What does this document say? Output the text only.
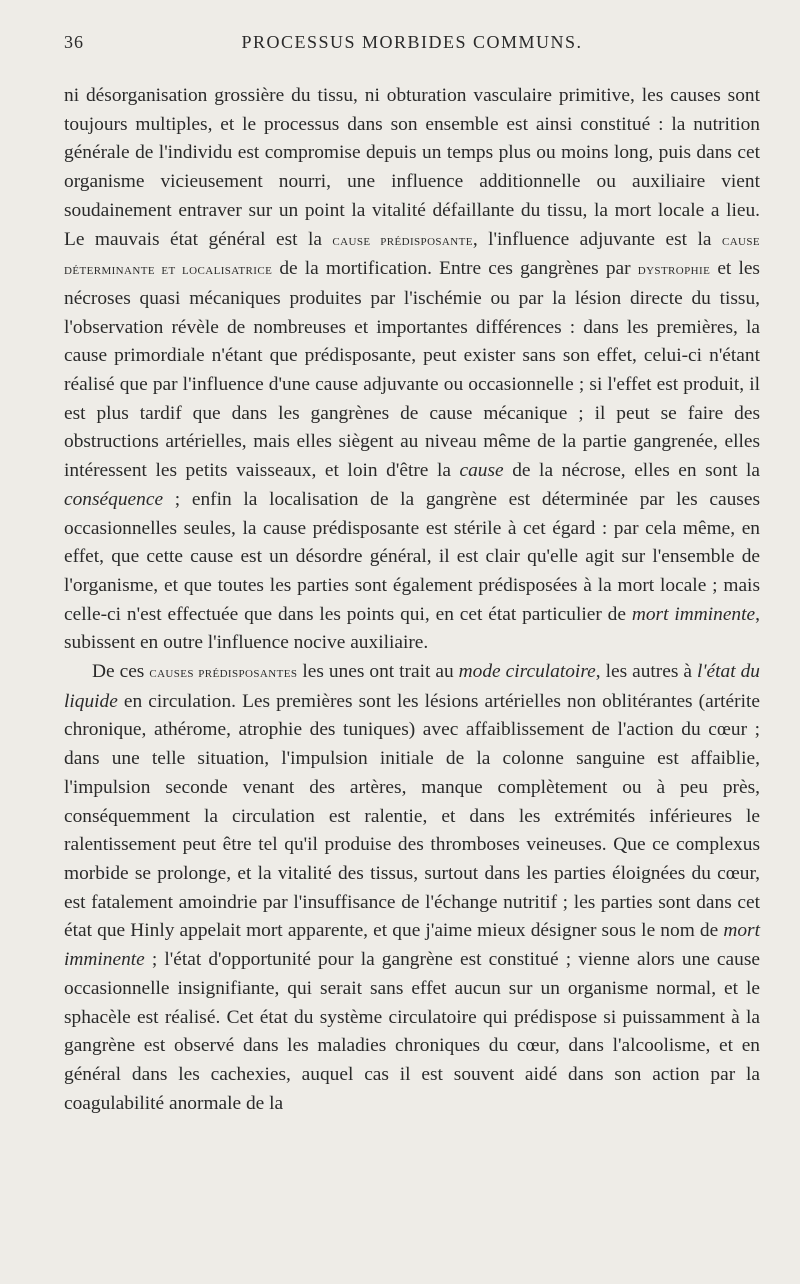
36	PROCESSUS MORBIDES COMMUNS.

ni désorganisation grossière du tissu, ni obturation vasculaire primitive, les causes sont toujours multiples, et le processus dans son ensemble est ainsi constitué : la nutrition générale de l'individu est compromise depuis un temps plus ou moins long, puis dans cet organisme vicieusement nourri, une influence additionnelle ou auxiliaire vient soudainement entraver sur un point la vitalité défaillante du tissu, la mort locale a lieu. Le mauvais état général est la cause prédisposante, l'influence adjuvante est la cause déterminante et localisatrice de la mortification. Entre ces gangrènes par dystrophie et les nécroses quasi mécaniques produites par l'ischémie ou par la lésion directe du tissu, l'observation révèle de nombreuses et importantes différences : dans les premières, la cause primordiale n'étant que prédisposante, peut exister sans son effet, celui-ci n'étant réalisé que par l'influence d'une cause adjuvante ou occasionnelle ; si l'effet est produit, il est plus tardif que dans les gangrènes de cause mécanique ; il peut se faire des obstructions artérielles, mais elles siègent au niveau même de la partie gangrenée, elles intéressent les petits vaisseaux, et loin d'être la cause de la nécrose, elles en sont la conséquence ; enfin la localisation de la gangrène est déterminée par les causes occasionnelles seules, la cause prédisposante est stérile à cet égard : par cela même, en effet, que cette cause est un désordre général, il est clair qu'elle agit sur l'ensemble de l'organisme, et que toutes les parties sont également prédisposées à la mort locale ; mais celle-ci n'est effectuée que dans les points qui, en cet état particulier de mort imminente, subissent en outre l'influence nocive auxiliaire.

De ces causes prédisposantes les unes ont trait au mode circulatoire, les autres à l'état du liquide en circulation. Les premières sont les lésions artérielles non oblitérantes (artérite chronique, athérome, atrophie des tuniques) avec affaiblissement de l'action du cœur ; dans une telle situation, l'impulsion initiale de la colonne sanguine est affaiblie, l'impulsion seconde venant des artères, manque complètement ou à peu près, conséquemment la circulation est ralentie, et dans les extrémités inférieures le ralentissement peut être tel qu'il produise des thromboses veineuses. Que ce complexus morbide se prolonge, et la vitalité des tissus, surtout dans les parties éloignées du cœur, est fatalement amoindrie par l'insuffisance de l'échange nutritif ; les parties sont dans cet état que Hinly appelait mort apparente, et que j'aime mieux désigner sous le nom de mort imminente ; l'état d'opportunité pour la gangrène est constitué ; vienne alors une cause occasionnelle insignifiante, qui serait sans effet aucun sur un organisme normal, et le sphacèle est réalisé. Cet état du système circulatoire qui prédispose si puissamment à la gangrène est observé dans les maladies chroniques du cœur, dans l'alcoolisme, et en général dans les cachexies, auquel cas il est souvent aidé dans son action par la coagulabilité anormale de la
